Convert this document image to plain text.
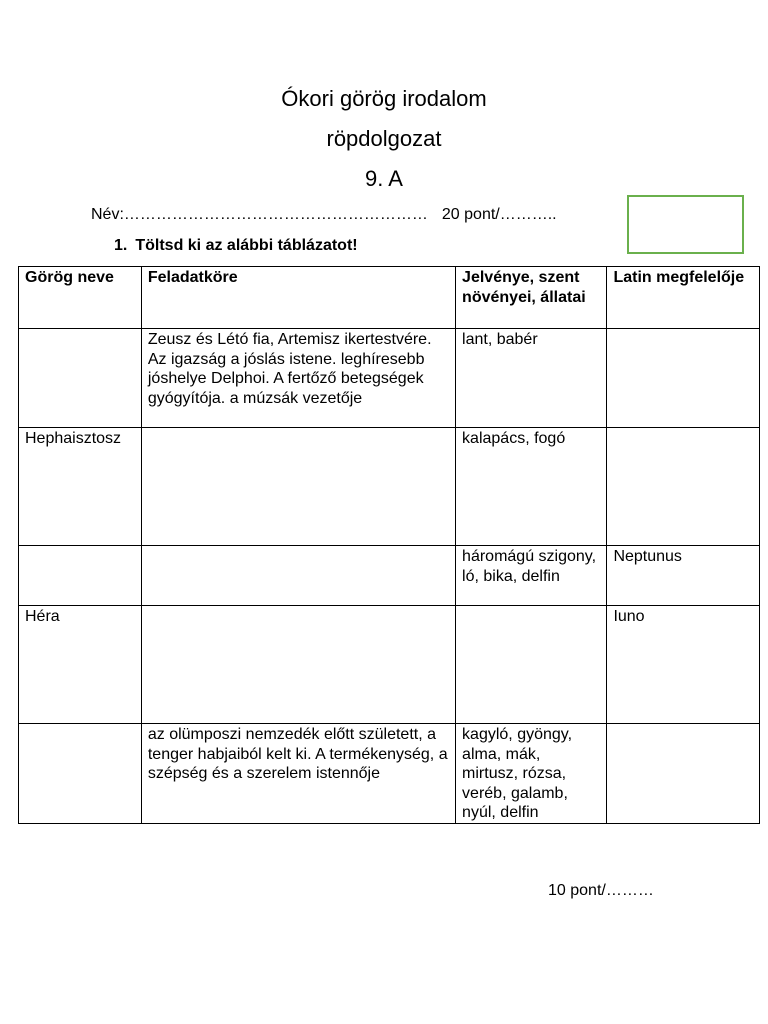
Ókori görög irodalom
röpdolgozat
9. A
Név:………………………………………………… 20 pont/………..
1. Töltsd ki az alábbi táblázatot!
Görög neve	Feladatköre	Jelvénye, szent növényei, állatai	Latin megfelelője
	Zeusz és Létó fia, Artemisz ikertestvére. Az igazság a jóslás istene. leghíresebb jóshelye Delphoi. A fertőző betegségek gyógyítója. a múzsák vezetője	lant, babér	
Hephaisztosz		kalapács, fogó	
		háromágú szigony, ló, bika, delfin	Neptunus
Héra			Iuno
	az olümposzi nemzedék előtt született, a tenger habjaiból kelt ki. A termékenység, a szépség és a szerelem istennője	kagyló, gyöngy, alma, mák, mirtusz, rózsa, veréb, galamb, nyúl, delfin	
10 pont/………
